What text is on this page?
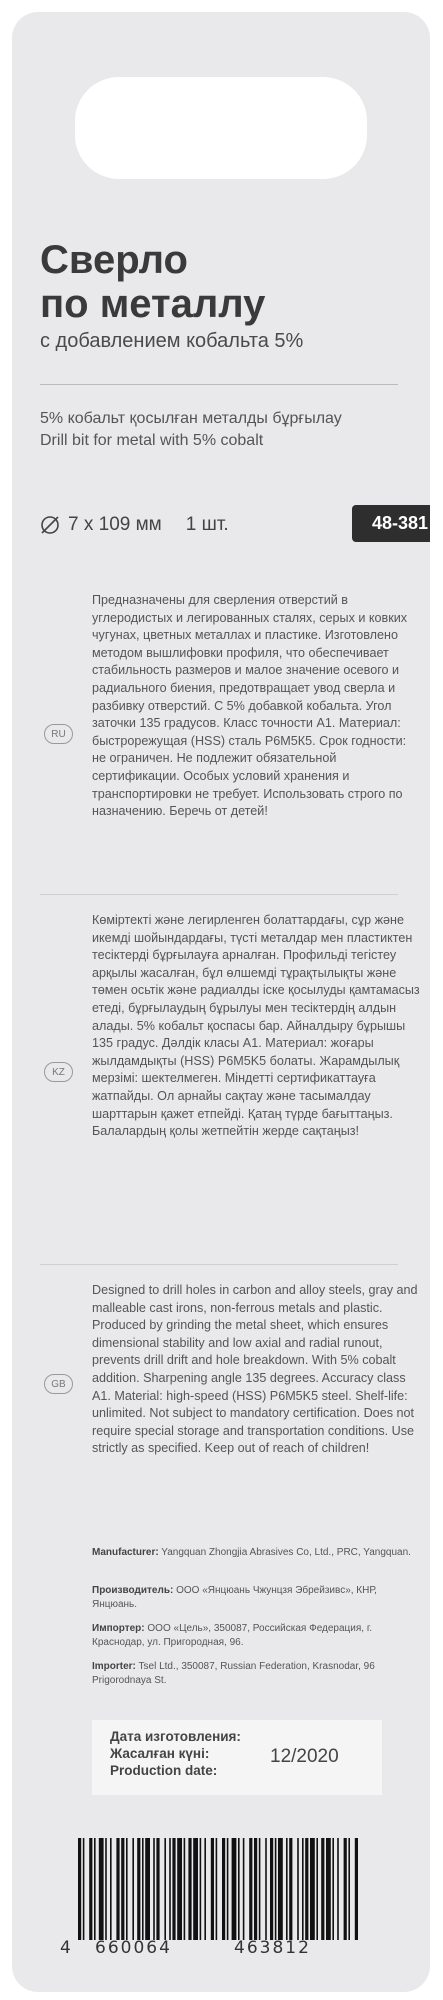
Сверло
по металлу
с добавлением кобальта 5%
5% кобальт қосылған металды бұрғылау
Drill bit for metal with 5% cobalt
7 x 109 мм 1 шт.	48-381
Предназначены для сверления отверстий в углеродистых и легированных сталях, серых и ковких чугунах, цветных металлах и пластике. Изготовлено методом вышлифовки профиля, что обеспечивает стабильность размеров и малое значение осевого и радиального биения, предотвращает увод сверла и разбивку отверстий. С 5% добавкой кобальта. Угол заточки 135 градусов. Класс точности А1. Материал: быстрорежущая (HSS) сталь Р6М5К5. Срок годности: не ограничен. Не подлежит обязательной сертификации. Особых условий хранения и транспортировки не требует. Использовать строго по назначению. Беречь от детей!
RU
Көміртекті және легирленген болаттардағы, сұр және икемді шойындардағы, түсті металдар мен пластиктен тесіктерді бұрғылауға арналған. Профильді тегістеу арқылы жасалған, бұл өлшемді тұрақтылықты және төмен осьтік және радиалды іске қосылуды қамтамасыз етеді, бұрғылаудың бұрылуы мен тесіктердің алдын алады. 5% кобальт қоспасы бар. Айналдыру бұрышы 135 градус. Дәлдік класы A1. Материал: жоғары жылдамдықты (HSS) P6M5K5 болаты. Жарамдылық мерзімі: шектелмеген. Міндетті сертификаттауға жатпайды. Ол арнайы сақтау және тасымалдау шарттарын қажет етпейді. Қатаң түрде бағыттаңыз. Балалардың қолы жетпейтін жерде сақтаңыз!
KZ
Designed to drill holes in carbon and alloy steels, gray and malleable cast irons, non-ferrous metals and plastic. Produced by grinding the metal sheet, which ensures dimensional stability and low axial and radial runout, prevents drill drift and hole breakdown. With 5% cobalt addition. Sharpening angle 135 degrees. Accuracy class A1. Material: high-speed (HSS) P6M5K5 steel. Shelf-life: unlimited. Not subject to mandatory certification. Does not require special storage and transportation conditions. Use strictly as specified. Keep out of reach of children!
GB
Manufacturer: Yangquan Zhongjia Abrasives Co, Ltd., PRC, Yangquan.
Производитель: ООО «Янцюань Чжунцзя Эбрейзивс», КНР, Янцюань.
Импортер: ООО «Цель», 350087, Российская Федерация, г. Краснодар, ул. Пригородная, 96.
Importer: Tsel Ltd., 350087, Russian Federation, Krasnodar, 96 Prigorodnaya St.
Дата изготовления:
Жасалған күні:
Production date:
12/2020
4 660064	463812
